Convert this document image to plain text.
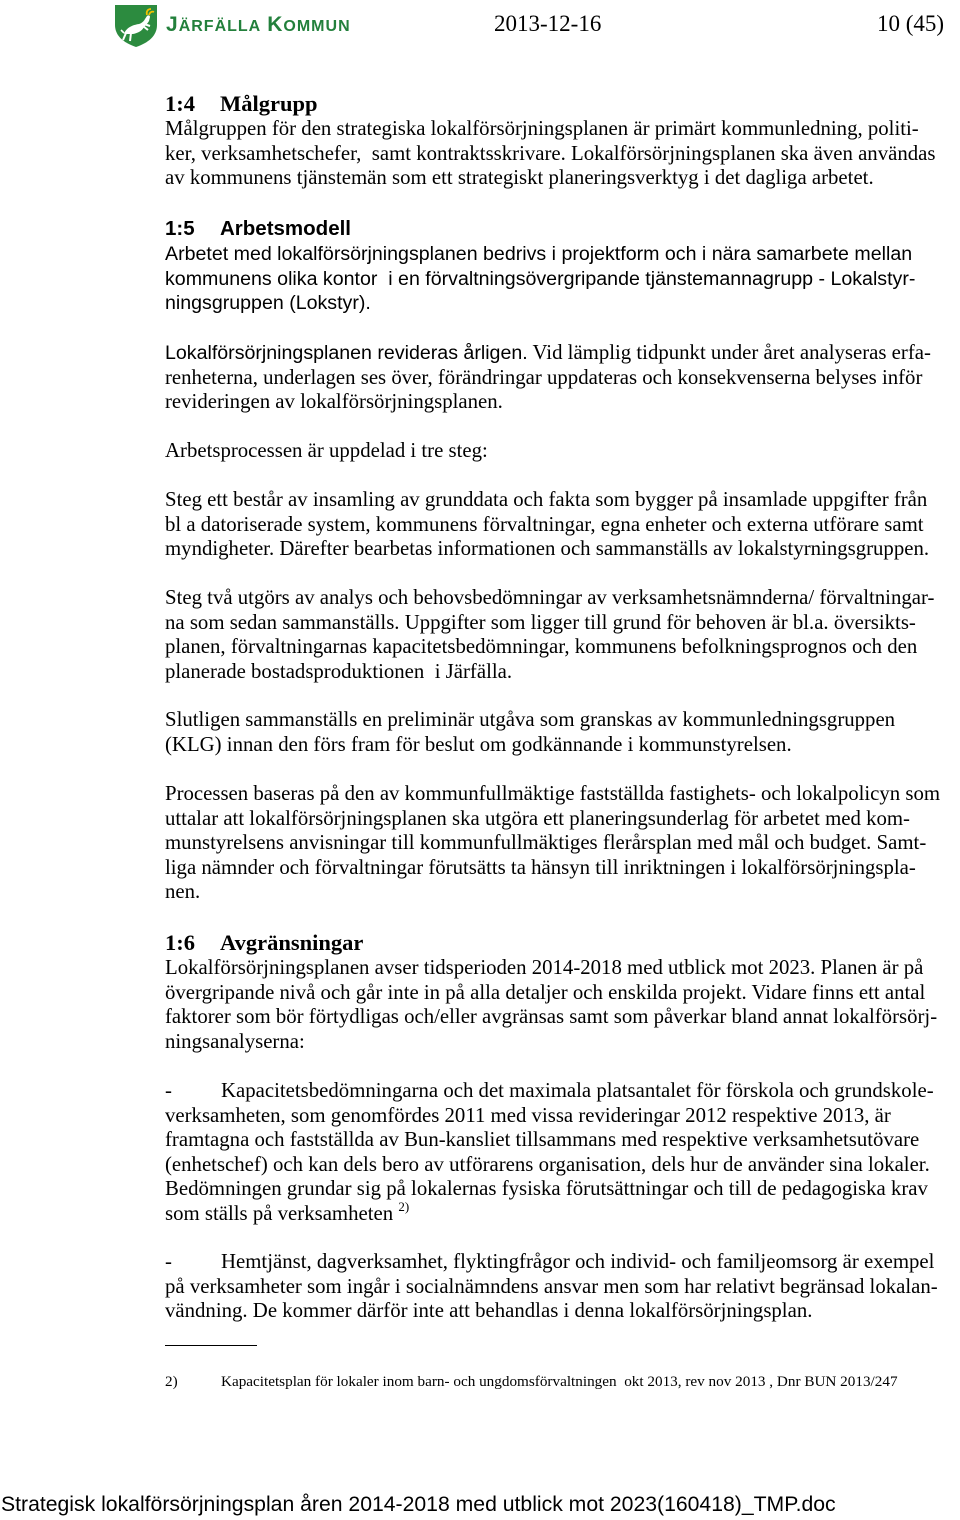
JÄRFÄLLA KOMMUN	2013-12-16	10 (45)
1:4 Målgrupp
Målgruppen för den strategiska lokalförsörjningsplanen är primärt kommunledning, politi-
ker, verksamhetschefer,  samt kontraktsskrivare. Lokalförsörjningsplanen ska även användas
av kommunens tjänstemän som ett strategiskt planeringsverktyg i det dagliga arbetet.
1:5 Arbetsmodell
Arbetet med lokalförsörjningsplanen bedrivs i projektform och i nära samarbete mellan
kommunens olika kontor  i en förvaltningsövergripande tjänstemannagrupp - Lokalstyr-
ningsgruppen (Lokstyr).
Lokalförsörjningsplanen revideras årligen. Vid lämplig tidpunkt under året analyseras erfa-
renheterna, underlagen ses över, förändringar uppdateras och konsekvenserna belyses inför
revideringen av lokalförsörjningsplanen.
Arbetsprocessen är uppdelad i tre steg:
Steg ett består av insamling av grunddata och fakta som bygger på insamlade uppgifter från
bl a datoriserade system, kommunens förvaltningar, egna enheter och externa utförare samt
myndigheter. Därefter bearbetas informationen och sammanställs av lokalstyrningsgruppen.
Steg två utgörs av analys och behovsbedömningar av verksamhetsnämnderna/ förvaltningar-
na som sedan sammanställs. Uppgifter som ligger till grund för behoven är bl.a. översikts-
planen, förvaltningarnas kapacitetsbedömningar, kommunens befolkningsprognos och den
planerade bostadsproduktionen  i Järfälla.
Slutligen sammanställs en preliminär utgåva som granskas av kommunledningsgruppen
(KLG) innan den förs fram för beslut om godkännande i kommunstyrelsen.
Processen baseras på den av kommunfullmäktige fastställda fastighets- och lokalpolicyn som
uttalar att lokalförsörjningsplanen ska utgöra ett planeringsunderlag för arbetet med kom-
munstyrelsens anvisningar till kommunfullmäktiges flerårsplan med mål och budget. Samt-
liga nämnder och förvaltningar förutsätts ta hänsyn till inriktningen i lokalförsörjningspla-
nen.
1:6 Avgränsningar
Lokalförsörjningsplanen avser tidsperioden 2014-2018 med utblick mot 2023. Planen är på
övergripande nivå och går inte in på alla detaljer och enskilda projekt. Vidare finns ett antal
faktorer som bör förtydligas och/eller avgränsas samt som påverkar bland annat lokalförsörj-
ningsanalyserna:
- Kapacitetsbedömningarna och det maximala platsantalet för förskola och grundskole-
verksamheten, som genomfördes 2011 med vissa revideringar 2012 respektive 2013, är
framtagna och fastställda av Bun-kansliet tillsammans med respektive verksamhetsutövare
(enhetschef) och kan dels bero av utförarens organisation, dels hur de använder sina lokaler.
Bedömningen grundar sig på lokalernas fysiska förutsättningar och till de pedagogiska krav
som ställs på verksamheten $^{2)}$
- Hemtjänst, dagverksamhet, flyktingfrågor och individ- och familjeomsorg är exempel
på verksamheter som ingår i socialnämndens ansvar men som har relativt begränsad lokalan-
vändning. De kommer därför inte att behandlas i denna lokalförsörjningsplan.
2)	Kapacitetsplan för lokaler inom barn- och ungdomsförvaltningen  okt 2013, rev nov 2013 , Dnr BUN 2013/247
Strategisk lokalförsörjningsplan åren 2014-2018 med utblick mot 2023(160418)_TMP.doc
